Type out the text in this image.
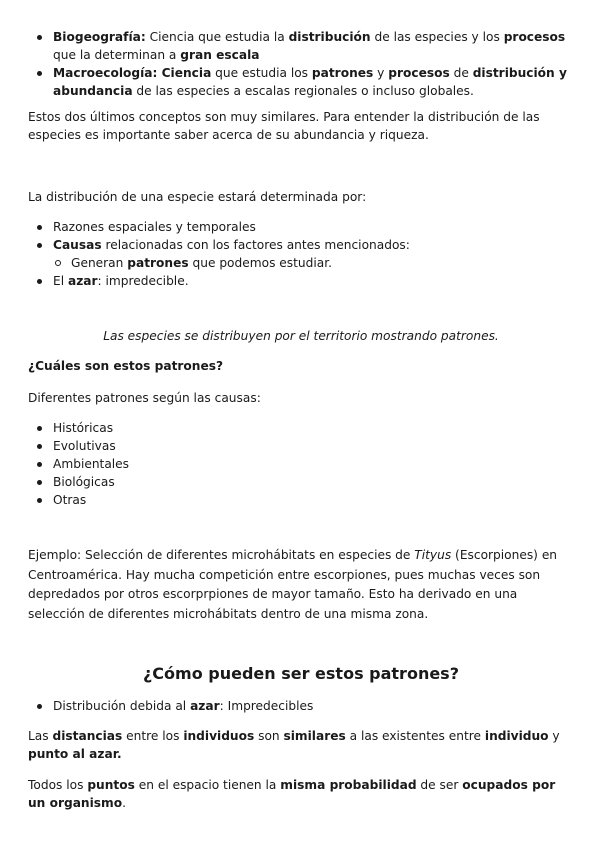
Biogeografía: Ciencia que estudia la distribución de las especies y los procesos que la determinan a gran escala
Macroecología: Ciencia que estudia los patrones y procesos de distribución y abundancia de las especies a escalas regionales o incluso globales.

Estos dos últimos conceptos son muy similares. Para entender la distribución de las especies es importante saber acerca de su abundancia y riqueza.

La distribución de una especie estará determinada por:

Razones espaciales y temporales
Causas relacionadas con los factores antes mencionados:
Generan patrones que podemos estudiar.
El azar: impredecible.

Las especies se distribuyen por el territorio mostrando patrones.

¿Cuáles son estos patrones?

Diferentes patrones según las causas:

Históricas
Evolutivas
Ambientales
Biológicas
Otras

Ejemplo: Selección de diferentes microhábitats en especies de Tityus (Escorpiones) en Centroamérica. Hay mucha competición entre escorpiones, pues muchas veces son depredados por otros escorprpiones de mayor tamaño. Esto ha derivado en una selección de diferentes microhábitats dentro de una misma zona.

¿Cómo pueden ser estos patrones?
Distribución debida al azar: Impredecibles

Las distancias entre los individuos son similares a las existentes entre individuo y punto al azar.

Todos los puntos en el espacio tienen la misma probabilidad de ser ocupados por un organismo.
